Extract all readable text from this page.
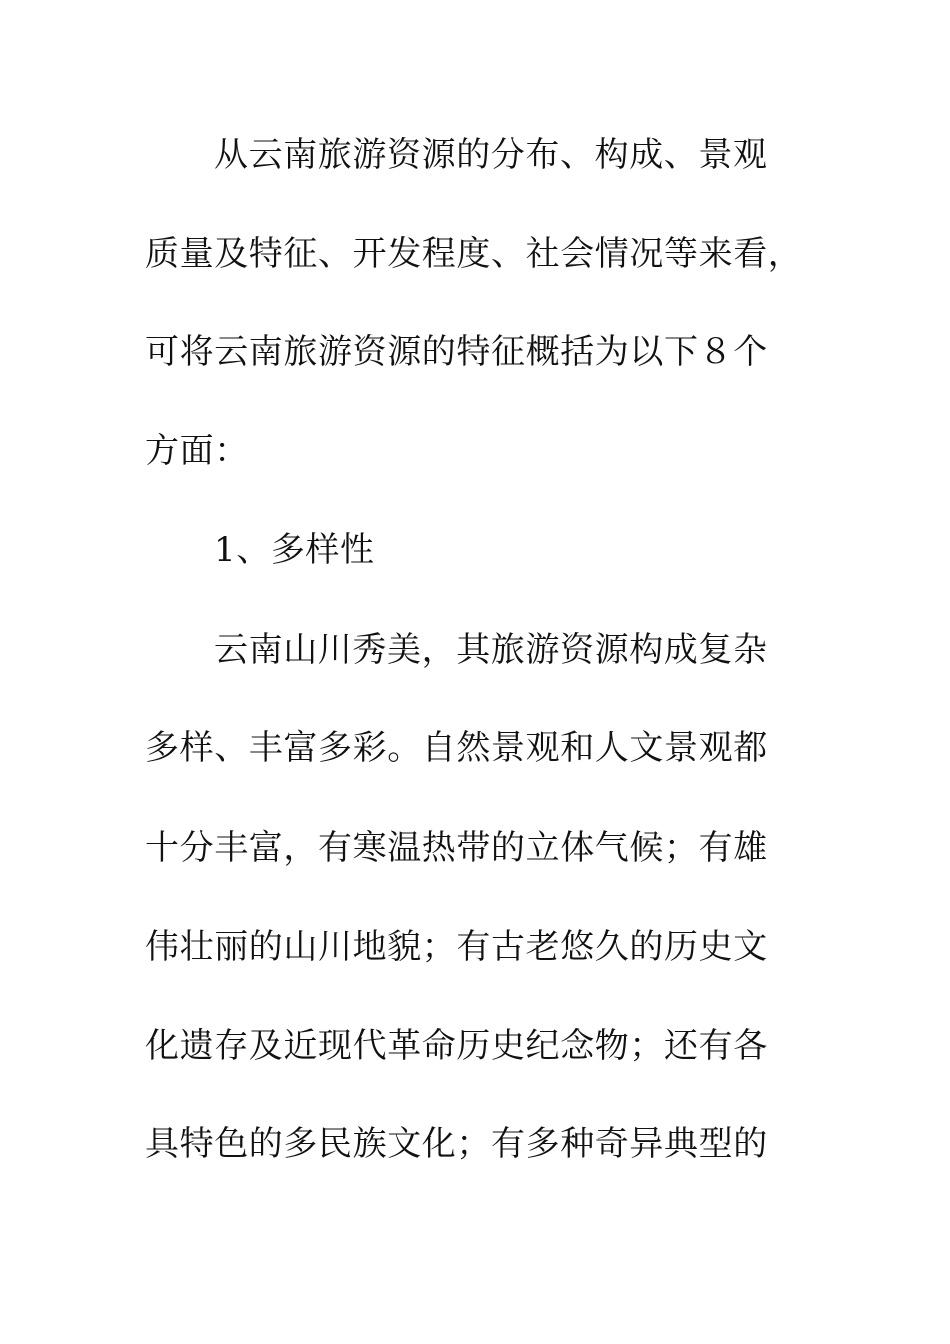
从云南旅游资源的分布、构成、景观
质量及特征、开发程度、社会情况等来看，
可将云南旅游资源的特征概括为以下８个
方面：
1、多样性
云南山川秀美，其旅游资源构成复杂
多样、丰富多彩。自然景观和人文景观都
十分丰富，有寒温热带的立体气候；有雄
伟壮丽的山川地貌；有古老悠久的历史文
化遗存及近现代革命历史纪念物；还有各
具特色的多民族文化；有多种奇异典型的
